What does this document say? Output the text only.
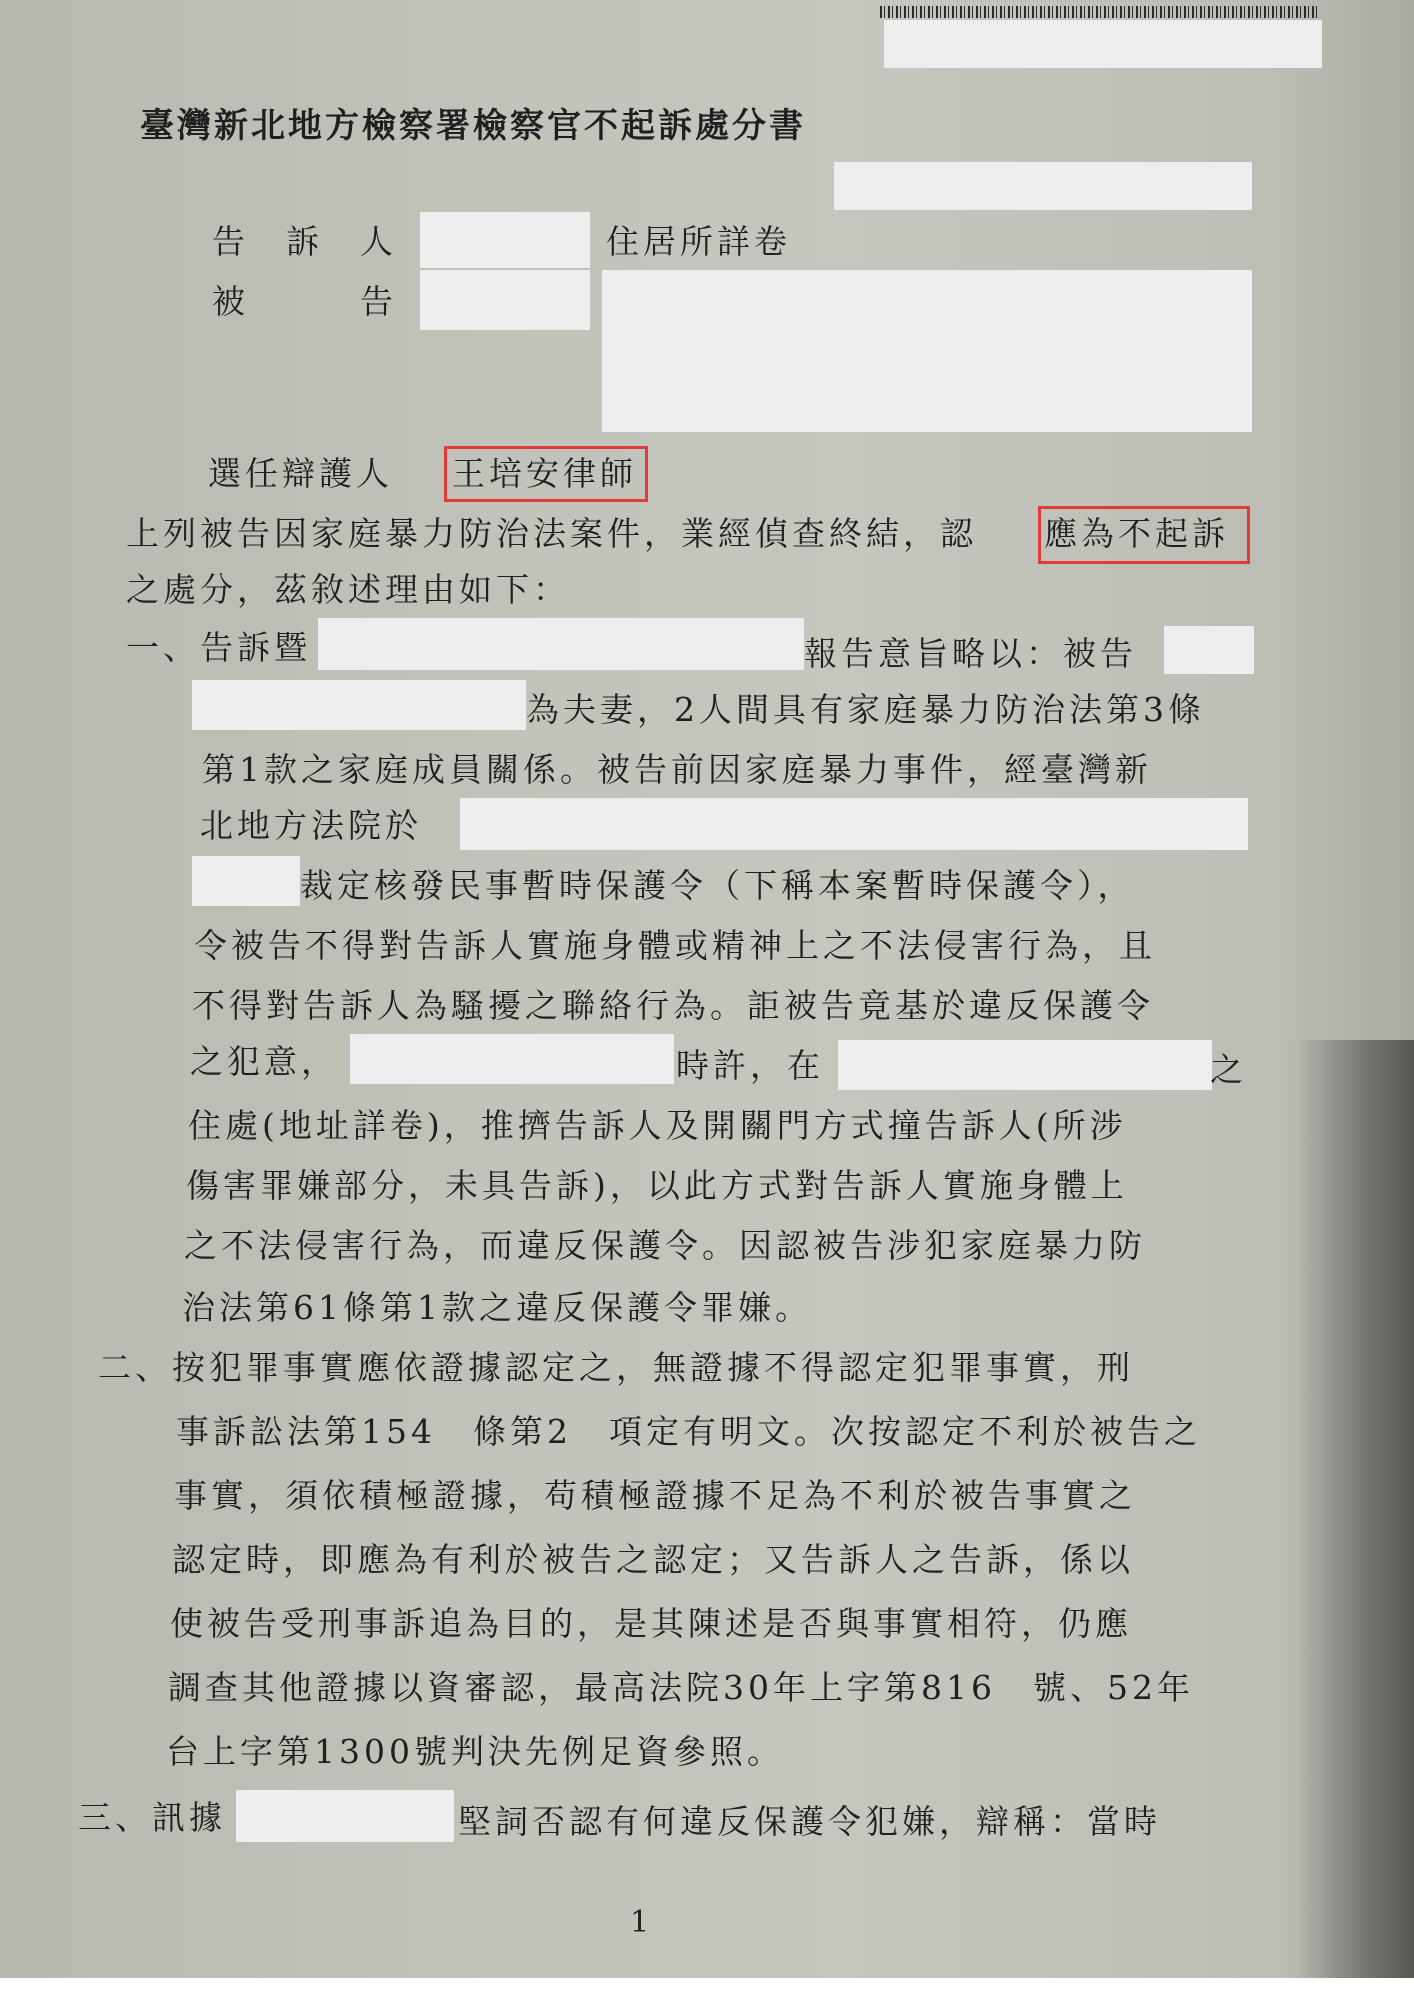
臺灣新北地方檢察署檢察官不起訴處分書
告　訴　人	住居所詳卷
被　　　告
選任辯護人 王培安律師
上列被告因家庭暴力防治法案件，業經偵查終結，認 應為不起訴
之處分，茲敘述理由如下：
一、告訴暨	報告意旨略以：被告
為夫妻，2人間具有家庭暴力防治法第3條
第1款之家庭成員關係。被告前因家庭暴力事件，經臺灣新
北地方法院於
裁定核發民事暫時保護令（下稱本案暫時保護令），
令被告不得對告訴人實施身體或精神上之不法侵害行為，且
不得對告訴人為騷擾之聯絡行為。詎被告竟基於違反保護令
之犯意，	時許，在	之
住處(地址詳卷)，推擠告訴人及開關門方式撞告訴人(所涉
傷害罪嫌部分，未具告訴)，以此方式對告訴人實施身體上
之不法侵害行為，而違反保護令。因認被告涉犯家庭暴力防
治法第61條第1款之違反保護令罪嫌。
二、按犯罪事實應依證據認定之，無證據不得認定犯罪事實，刑
事訴訟法第154　條第2　項定有明文。次按認定不利於被告之
事實，須依積極證據，苟積極證據不足為不利於被告事實之
認定時，即應為有利於被告之認定；又告訴人之告訴，係以
使被告受刑事訴追為目的，是其陳述是否與事實相符，仍應
調查其他證據以資審認，最高法院30年上字第816　號、52年
台上字第1300號判決先例足資參照。
三、訊據	堅詞否認有何違反保護令犯嫌，辯稱：當時
1
